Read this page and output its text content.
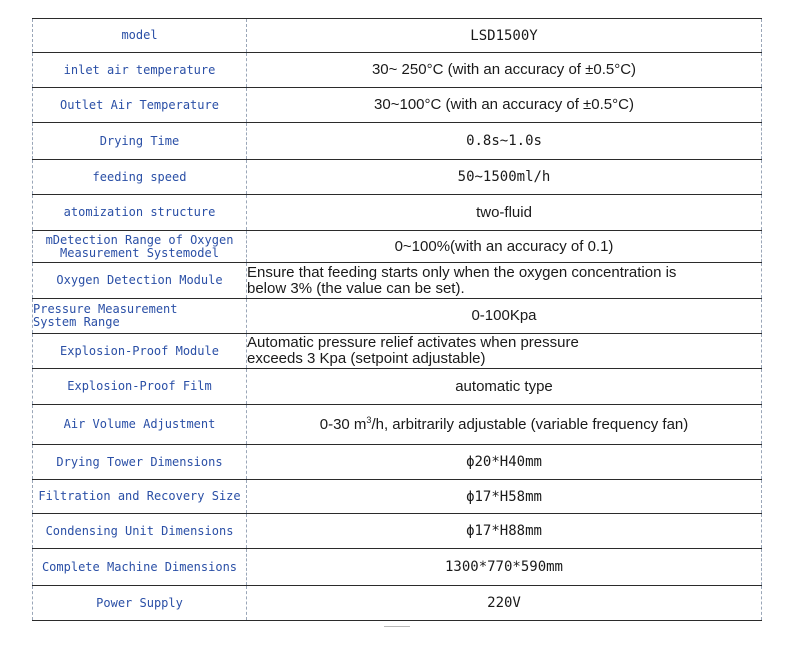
model	LSD1500Y
inlet air temperature	30~ 250°C (with an accuracy of ±0.5°C)
Outlet Air Temperature	30~100°C (with an accuracy of ±0.5°C)
Drying Time	0.8s~1.0s
feeding speed	50~1500ml/h
atomization structure	two-fluid

mDetection Range of Oxygen
Measurement Systemodel	0~100%(with an accuracy of 0.1)
Oxygen Detection Module	Ensure that feeding starts only when the oxygen concentration is
below 3% (the value can be set).

Pressure Measurement
System Range	0-100Kpa
Explosion-Proof Module	Automatic pressure relief activates when pressure
exceeds 3 Kpa (setpoint adjustable)

Explosion-Proof Film	automatic type
Air Volume Adjustment	0-30 $m^3/h$, arbitrarily adjustable (variable frequency fan)
Drying Tower Dimensions	ϕ20*H40mm
Filtration and Recovery Size	ϕ17*H58mm
Condensing Unit Dimensions	ϕ17*H88mm
Complete Machine Dimensions	1300*770*590mm
Power Supply	220V
